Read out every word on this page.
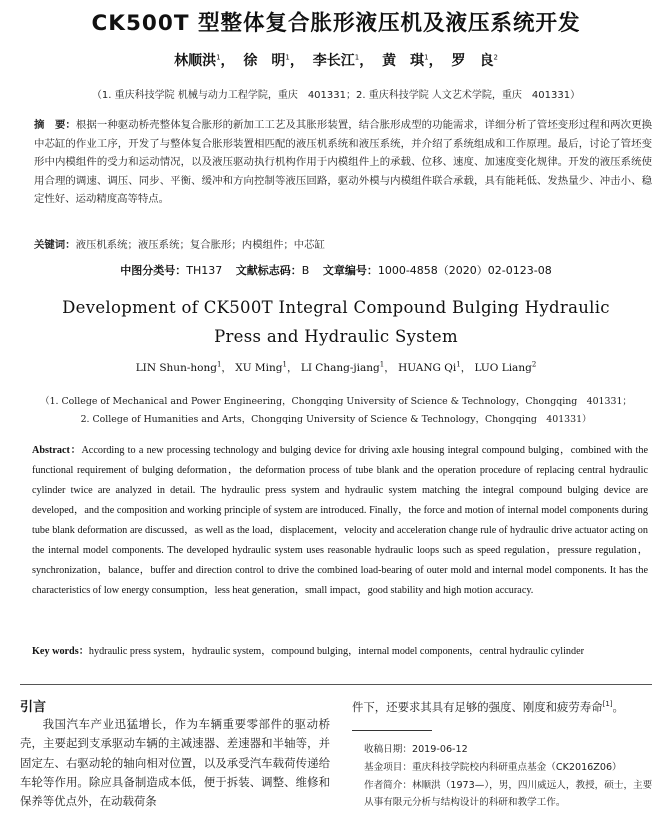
CK500T 型整体复合胀形液压机及液压系统开发
林顺洪$^1$， 徐　明$^1$， 李长江$^1$， 黄　琪$^1$， 罗　良$^2$
（1. 重庆科技学院 机械与动力工程学院，重庆　401331；2. 重庆科技学院 人文艺术学院，重庆　401331）
摘　要：根据一种驱动桥壳整体复合胀形的新加工工艺及其胀形装置，结合胀形成型的功能需求，详细分析了管坯变形过程和两次更换中芯缸的作业工序，开发了与整体复合胀形装置相匹配的液压机系统和液压系统，并介绍了系统组成和工作原理。最后，讨论了管坯变形中内模组件的受力和运动情况，以及液压驱动执行机构作用于内模组件上的承载、位移、速度、加速度变化规律。开发的液压系统使用合理的调速、调压、同步、平衡、缓冲和方向控制等液压回路，驱动外模与内模组件联合承载，具有能耗低、发热量少、冲击小、稳定性好、运动精度高等特点。
关键词：液压机系统；液压系统；复合胀形；内模组件；中芯缸
中图分类号：TH137 文献标志码：B 文章编号：1000-4858（2020）02-0123-08
Development of CK500T Integral Compound Bulging Hydraulic
Press and Hydraulic System
LIN Shun-hong$^1$， XU Ming$^1$， LI Chang-jiang$^1$， HUANG Qi$^1$， LUO Liang$^2$
（1. College of Mechanical and Power Engineering，Chongqing University of Science & Technology，Chongqing　401331；
2. College of Humanities and Arts，Chongqing University of Science & Technology，Chongqing　401331）
Abstract：According to a new processing technology and bulging device for driving axle housing integral compound bulging，combined with the functional requirement of bulging deformation，the deformation process of tube blank and the operation procedure of replacing central hydraulic cylinder twice are analyzed in detail. The hydraulic press system and hydraulic system matching the integral compound bulging device are developed，and the composition and working principle of system are introduced. Finally，the force and motion of internal model components during tube blank deformation are discussed，as well as the load，displacement，velocity and acceleration change rule of hydraulic drive actuator acting on the internal model components. The developed hydraulic system uses reasonable hydraulic loops such as speed regulation，pressure regulation，synchronization，balance，buffer and direction control to drive the combined load-bearing of outer mold and internal model components. It has the characteristics of low energy consumption，less heat generation，small impact，good stability and high motion accuracy.
Key words：hydraulic press system，hydraulic system，compound bulging，internal model components，central hydraulic cylinder
引言
我国汽车产业迅猛增长，作为车辆重要零部件的驱动桥壳，主要起到支承驱动车辆的主减速器、差速器和半轴等，并固定左、右驱动轮的轴向相对位置，以及承受汽车载荷传递给车轮等作用。除应具备制造成本低，便于拆装、调整、维修和保养等优点外，在动载荷条
件下，还要求其具有足够的强度、刚度和疲劳寿命[1]。
收稿日期：2019-06-12
基金项目：重庆科技学院校内科研重点基金（CK2016Z06）
作者简介：林顺洪（1973—），男，四川威远人，教授，硕士，主要从事有限元分析与结构设计的科研和教学工作。
